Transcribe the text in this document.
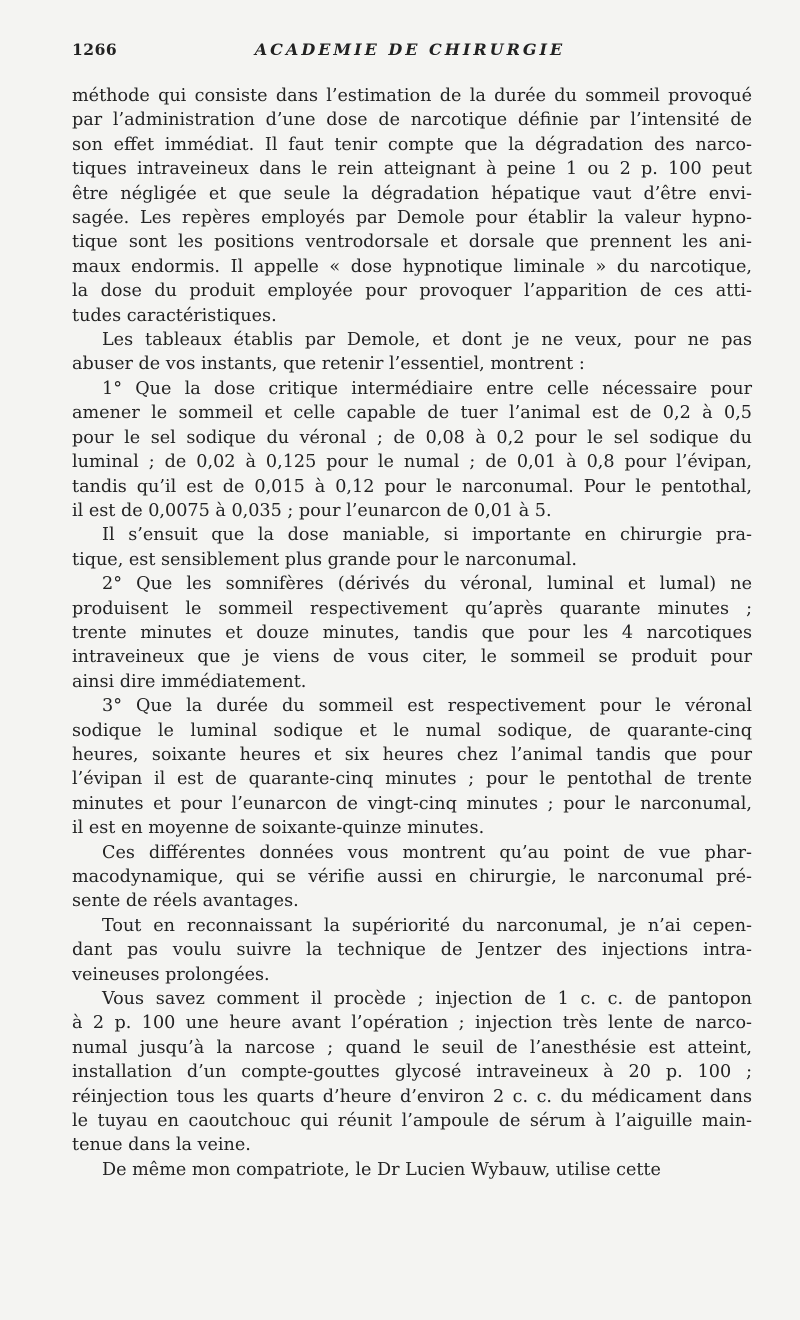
1266	ACADEMIE DE CHIRURGIE
méthode qui consiste dans l’estimation de la durée du sommeil provoqué
par l’administration d’une dose de narcotique définie par l’intensité de
son effet immédiat. Il faut tenir compte que la dégradation des narco-
tiques intraveineux dans le rein atteignant à peine 1 ou 2 p. 100 peut
être négligée et que seule la dégradation hépatique vaut d’être envi-
sagée. Les repères employés par Demole pour établir la valeur hypno-
tique sont les positions ventrodorsale et dorsale que prennent les ani-
maux endormis. Il appelle « dose hypnotique liminale » du narcotique,
la dose du produit employée pour provoquer l’apparition de ces atti-
tudes caractéristiques.
Les tableaux établis par Demole, et dont je ne veux, pour ne pas
abuser de vos instants, que retenir l’essentiel, montrent :
1° Que la dose critique intermédiaire entre celle nécessaire pour
amener le sommeil et celle capable de tuer l’animal est de 0,2 à 0,5
pour le sel sodique du véronal ; de 0,08 à 0,2 pour le sel sodique du
luminal ; de 0,02 à 0,125 pour le numal ; de 0,01 à 0,8 pour l’évipan,
tandis qu’il est de 0,015 à 0,12 pour le narconumal. Pour le pentothal,
il est de 0,0075 à 0,035 ; pour l’eunarcon de 0,01 à 5.
Il s’ensuit que la dose maniable, si importante en chirurgie pra-
tique, est sensiblement plus grande pour le narconumal.
2° Que les somnifères (dérivés du véronal, luminal et lumal) ne
produisent le sommeil respectivement qu’après quarante minutes ;
trente minutes et douze minutes, tandis que pour les 4 narcotiques
intraveineux que je viens de vous citer, le sommeil se produit pour
ainsi dire immédiatement.
3° Que la durée du sommeil est respectivement pour le véronal
sodique le luminal sodique et le numal sodique, de quarante-cinq
heures, soixante heures et six heures chez l’animal tandis que pour
l’évipan il est de quarante-cinq minutes ; pour le pentothal de trente
minutes et pour l’eunarcon de vingt-cinq minutes ; pour le narconumal,
il est en moyenne de soixante-quinze minutes.
Ces différentes données vous montrent qu’au point de vue phar-
macodynamique, qui se vérifie aussi en chirurgie, le narconumal pré-
sente de réels avantages.
Tout en reconnaissant la supériorité du narconumal, je n’ai cepen-
dant pas voulu suivre la technique de Jentzer des injections intra-
veineuses prolongées.
Vous savez comment il procède ; injection de 1 c. c. de pantopon
à 2 p. 100 une heure avant l’opération ; injection très lente de narco-
numal jusqu’à la narcose ; quand le seuil de l’anesthésie est atteint,
installation d’un compte-gouttes glycosé intraveineux à 20 p. 100 ;
réinjection tous les quarts d’heure d’environ 2 c. c. du médicament dans
le tuyau en caoutchouc qui réunit l’ampoule de sérum à l’aiguille main-
tenue dans la veine.
De même mon compatriote, le Dr Lucien Wybauw, utilise cette
